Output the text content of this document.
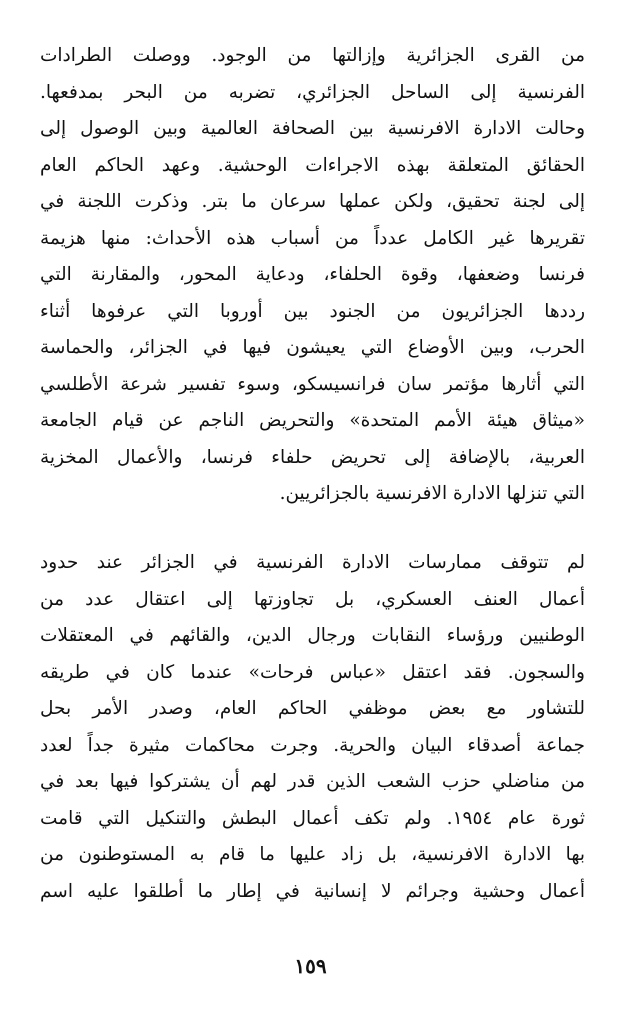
من القرى الجزائرية وإزالتها من الوجود. ووصلت الطرادات
الفرنسية إلى الساحل الجزائري، تضربه من البحر بمدفعها.
وحالت الادارة الافرنسية بين الصحافة العالمية وبين الوصول إلى
الحقائق المتعلقة بهذه الاجراءات الوحشية. وعهد الحاكم العام
إلى لجنة تحقيق، ولكن عملها سرعان ما بتر. وذكرت اللجنة في
تقريرها غير الكامل عدداً من أسباب هذه الأحداث: منها هزيمة
فرنسا وضعفها، وقوة الحلفاء، ودعاية المحور، والمقارنة التي
رددها الجزائريون من الجنود بين أوروبا التي عرفوها أثناء
الحرب، وبين الأوضاع التي يعيشون فيها في الجزائر، والحماسة
التي أثارها مؤتمر سان فرانسيسكو، وسوء تفسير شرعة الأطلسي
«ميثاق هيئة الأمم المتحدة» والتحريض الناجم عن قيام الجامعة
العربية، بالإضافة إلى تحريض حلفاء فرنسا، والأعمال المخزية
التي تنزلها الادارة الافرنسية بالجزائريين.
لم تتوقف ممارسات الادارة الفرنسية في الجزائر عند حدود
أعمال العنف العسكري، بل تجاوزتها إلى اعتقال عدد من
الوطنيين ورؤساء النقابات ورجال الدين، والقائهم في المعتقلات
والسجون. فقد اعتقل «عباس فرحات» عندما كان في طريقه
للتشاور مع بعض موظفي الحاكم العام، وصدر الأمر بحل
جماعة أصدقاء البيان والحرية. وجرت محاكمات مثيرة جداً لعدد
من مناضلي حزب الشعب الذين قدر لهم أن يشتركوا فيها بعد في
ثورة عام ١٩٥٤. ولم تكف أعمال البطش والتنكيل التي قامت
بها الادارة الافرنسية، بل زاد عليها ما قام به المستوطنون من
أعمال وحشية وجرائم لا إنسانية في إطار ما أطلقوا عليه اسم
١٥٩
